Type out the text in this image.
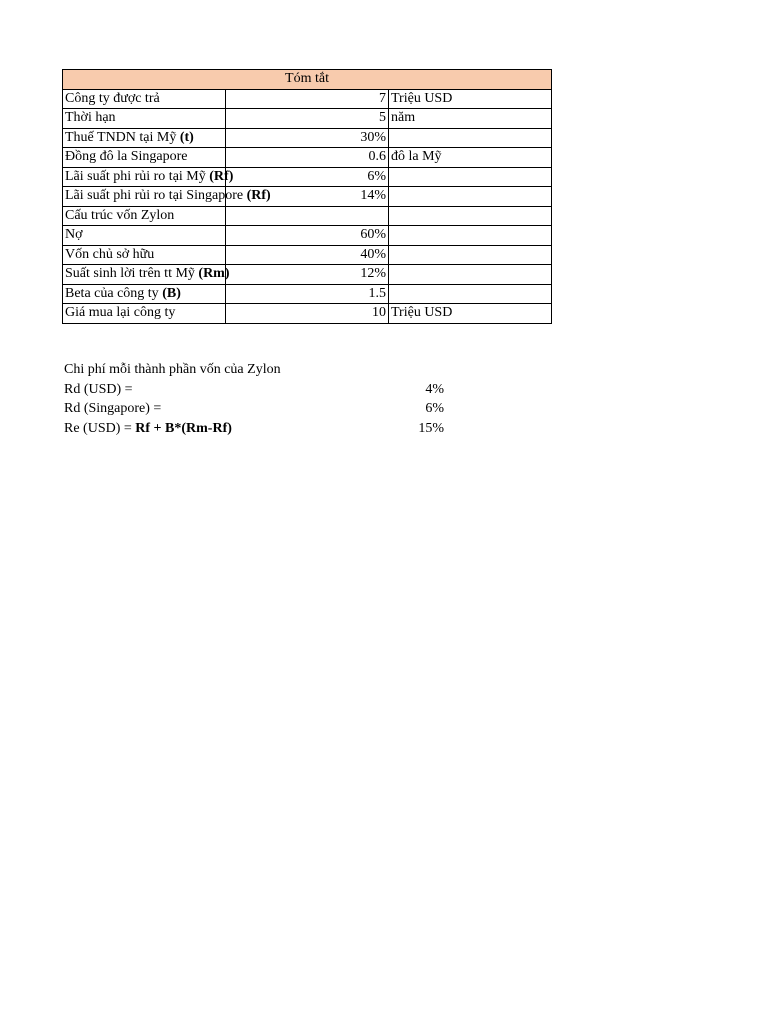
Tóm tắt		
Công ty được trả	7	Triệu USD
Thời hạn	5	năm
Thuế TNDN tại Mỹ (t)	30%	
Đồng đô la Singapore	0.6	đô la Mỹ
Lãi suất phi rủi ro tại Mỹ (Rf)	6%	
Lãi suất phi rủi ro tại Singapore (Rf)	14%	
Cấu trúc vốn Zylon		
Nợ	60%	
Vốn chủ sở hữu	40%	
Suất sinh lời trên tt Mỹ (Rm)	12%	
Beta của công ty (B)	1.5	
Giá mua lại công ty	10	Triệu USD
Chi phí mỗi thành phần vốn của Zylon
Rd (USD) =	4%
Rd (Singapore) =	6%
Re (USD) = Rf + B*(Rm-Rf)	15%
